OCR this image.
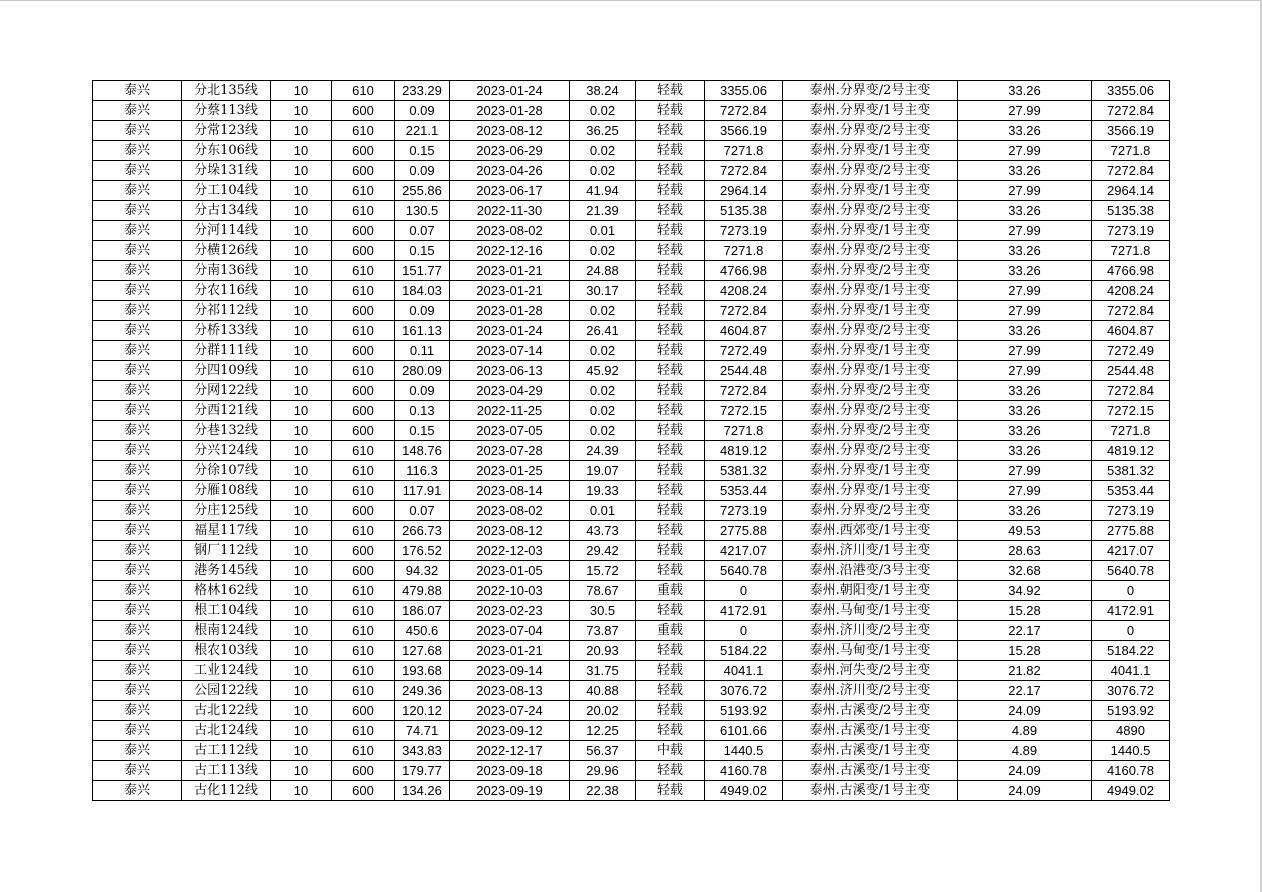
泰兴	分北135线	10	610	233.29	2023-01-24	38.24	轻载	3355.06	泰州.分界变/2号主变	33.26	3355.06
泰兴	分蔡113线	10	600	0.09	2023-01-28	0.02	轻载	7272.84	泰州.分界变/1号主变	27.99	7272.84
泰兴	分常123线	10	610	221.1	2023-08-12	36.25	轻载	3566.19	泰州.分界变/2号主变	33.26	3566.19
泰兴	分东106线	10	600	0.15	2023-06-29	0.02	轻载	7271.8	泰州.分界变/1号主变	27.99	7271.8
泰兴	分垛131线	10	600	0.09	2023-04-26	0.02	轻载	7272.84	泰州.分界变/2号主变	33.26	7272.84
泰兴	分工104线	10	610	255.86	2023-06-17	41.94	轻载	2964.14	泰州.分界变/1号主变	27.99	2964.14
泰兴	分古134线	10	610	130.5	2022-11-30	21.39	轻载	5135.38	泰州.分界变/2号主变	33.26	5135.38
泰兴	分河114线	10	600	0.07	2023-08-02	0.01	轻载	7273.19	泰州.分界变/1号主变	27.99	7273.19
泰兴	分横126线	10	600	0.15	2022-12-16	0.02	轻载	7271.8	泰州.分界变/2号主变	33.26	7271.8
泰兴	分南136线	10	610	151.77	2023-01-21	24.88	轻载	4766.98	泰州.分界变/2号主变	33.26	4766.98
泰兴	分农116线	10	610	184.03	2023-01-21	30.17	轻载	4208.24	泰州.分界变/1号主变	27.99	4208.24
泰兴	分祁112线	10	600	0.09	2023-01-28	0.02	轻载	7272.84	泰州.分界变/1号主变	27.99	7272.84
泰兴	分桥133线	10	610	161.13	2023-01-24	26.41	轻载	4604.87	泰州.分界变/2号主变	33.26	4604.87
泰兴	分群111线	10	600	0.11	2023-07-14	0.02	轻载	7272.49	泰州.分界变/1号主变	27.99	7272.49
泰兴	分四109线	10	610	280.09	2023-06-13	45.92	轻载	2544.48	泰州.分界变/1号主变	27.99	2544.48
泰兴	分网122线	10	600	0.09	2023-04-29	0.02	轻载	7272.84	泰州.分界变/2号主变	33.26	7272.84
泰兴	分西121线	10	600	0.13	2022-11-25	0.02	轻载	7272.15	泰州.分界变/2号主变	33.26	7272.15
泰兴	分巷132线	10	600	0.15	2023-07-05	0.02	轻载	7271.8	泰州.分界变/2号主变	33.26	7271.8
泰兴	分兴124线	10	610	148.76	2023-07-28	24.39	轻载	4819.12	泰州.分界变/2号主变	33.26	4819.12
泰兴	分徐107线	10	610	116.3	2023-01-25	19.07	轻载	5381.32	泰州.分界变/1号主变	27.99	5381.32
泰兴	分雁108线	10	610	117.91	2023-08-14	19.33	轻载	5353.44	泰州.分界变/1号主变	27.99	5353.44
泰兴	分庄125线	10	600	0.07	2023-08-02	0.01	轻载	7273.19	泰州.分界变/2号主变	33.26	7273.19
泰兴	福星117线	10	610	266.73	2023-08-12	43.73	轻载	2775.88	泰州.西郊变/1号主变	49.53	2775.88
泰兴	钢厂112线	10	600	176.52	2022-12-03	29.42	轻载	4217.07	泰州.济川变/1号主变	28.63	4217.07
泰兴	港务145线	10	600	94.32	2023-01-05	15.72	轻载	5640.78	泰州.沿港变/3号主变	32.68	5640.78
泰兴	格林162线	10	610	479.88	2022-10-03	78.67	重载	0	泰州.朝阳变/1号主变	34.92	0
泰兴	根工104线	10	610	186.07	2023-02-23	30.5	轻载	4172.91	泰州.马甸变/1号主变	15.28	4172.91
泰兴	根南124线	10	610	450.6	2023-07-04	73.87	重载	0	泰州.济川变/2号主变	22.17	0
泰兴	根农103线	10	610	127.68	2023-01-21	20.93	轻载	5184.22	泰州.马甸变/1号主变	15.28	5184.22
泰兴	工业124线	10	610	193.68	2023-09-14	31.75	轻载	4041.1	泰州.河失变/2号主变	21.82	4041.1
泰兴	公园122线	10	610	249.36	2023-08-13	40.88	轻载	3076.72	泰州.济川变/2号主变	22.17	3076.72
泰兴	古北122线	10	600	120.12	2023-07-24	20.02	轻载	5193.92	泰州.古溪变/2号主变	24.09	5193.92
泰兴	古北124线	10	610	74.71	2023-09-12	12.25	轻载	6101.66	泰州.古溪变/1号主变	4.89	4890
泰兴	古工112线	10	610	343.83	2022-12-17	56.37	中载	1440.5	泰州.古溪变/1号主变	4.89	1440.5
泰兴	古工113线	10	600	179.77	2023-09-18	29.96	轻载	4160.78	泰州.古溪变/1号主变	24.09	4160.78
泰兴	古化112线	10	600	134.26	2023-09-19	22.38	轻载	4949.02	泰州.古溪变/1号主变	24.09	4949.02
